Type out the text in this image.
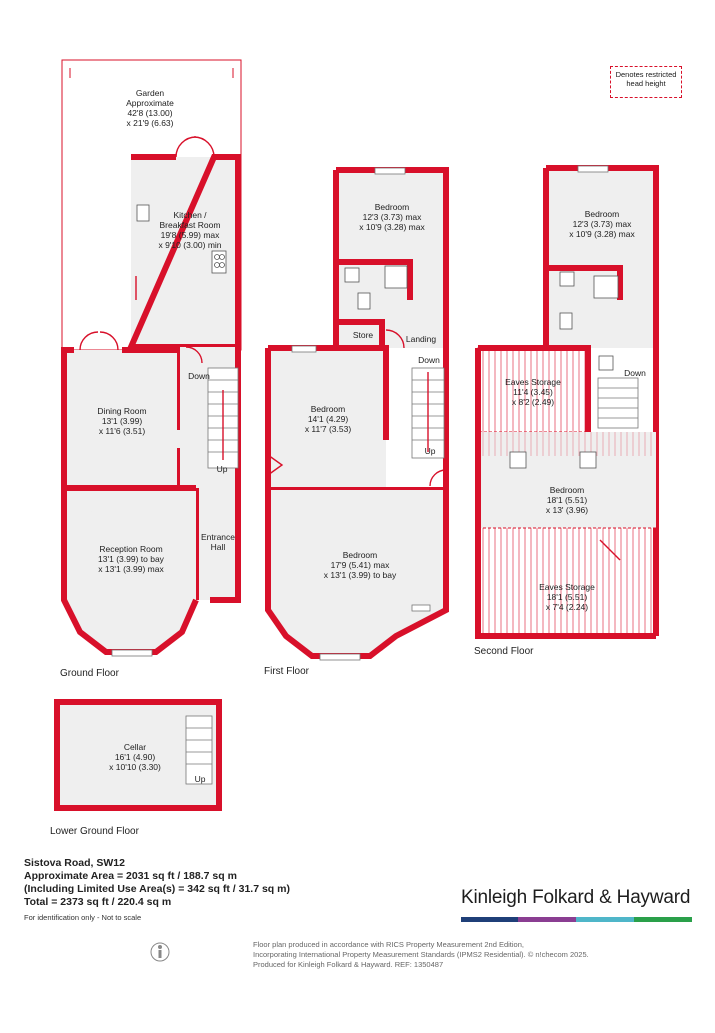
Denotes restricted head height
Garden
Approximate
42'8 (13.00)
x 21'9 (6.63)
Kitchen /
Breakfast Room
19'8 (5.99) max
x 9'10 (3.00) min
Dining Room
13'1 (3.99)
x 11'6 (3.51)
Reception Room
13'1 (3.99) to bay
x 13'1 (3.99) max
Entrance
Hall
Down
Up
Ground Floor
Bedroom
12'3 (3.73) max
x 10'9 (3.28) max
Store	Landing
Down
Up
Bedroom
14'1 (4.29)
x 11'7 (3.53)
Bedroom
17'9 (5.41) max
x 13'1 (3.99) to bay
First Floor
Bedroom
12'3 (3.73) max
x 10'9 (3.28) max
Eaves Storage
11'4 (3.45)
x 8'2 (2.49)
Down
Bedroom
18'1 (5.51)
x 13' (3.96)
Eaves Storage
18'1 (5.51)
x 7'4 (2.24)
Second Floor
Cellar
16'1 (4.90)
x 10'10 (3.30)
Up
Lower Ground Floor
Sistova Road, SW12
Approximate Area = 2031 sq ft / 188.7 sq m
(Including Limited Use Area(s) = 342 sq ft / 31.7 sq m)
Total = 2373 sq ft / 220.4 sq m
For identification only - Not to scale
Kinleigh Folkard & Hayward
Floor plan produced in accordance with RICS Property Measurement 2nd Edition,
Incorporating International Property Measurement Standards (IPMS2 Residential). © n!checom 2025.
Produced for Kinleigh Folkard & Hayward. REF: 1350487
